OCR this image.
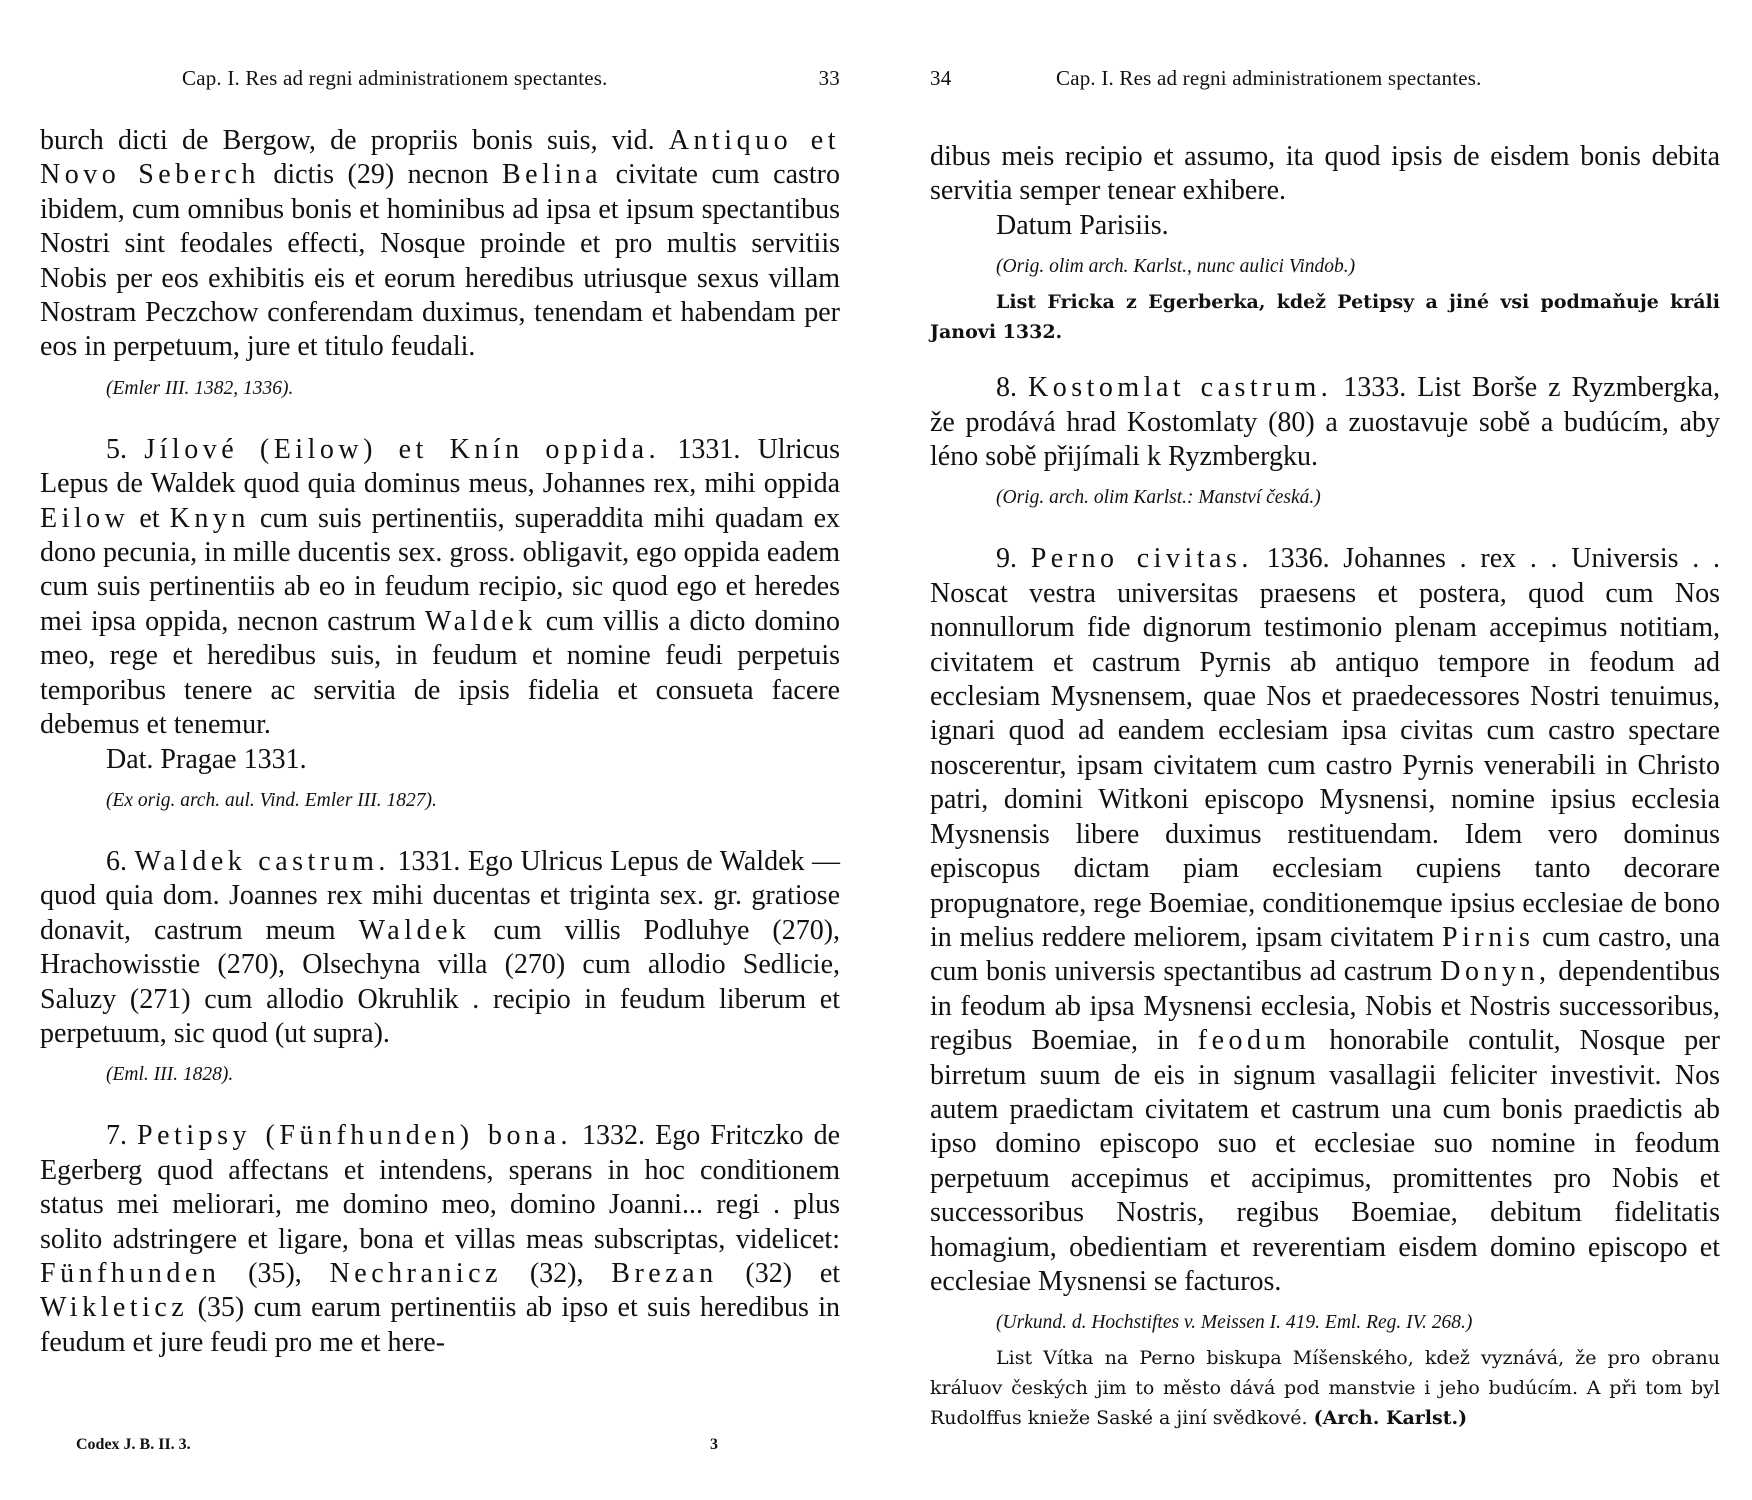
Cap. I. Res ad regni administrationem spectantes.	33

burch dicti de Bergow, de propriis bonis suis, vid. Antiquo et Novo Seberch dictis (29) necnon Belina civitate cum castro ibidem, cum omnibus bonis et hominibus ad ipsa et ipsum spectantibus Nostri sint feodales effecti, Nosque proinde et pro multis servitiis Nobis per eos exhibitis eis et eorum heredibus utriusque sexus villam Nostram Peczchow conferendam duximus, tenendam et habendam per eos in perpetuum, jure et titulo feudali.

(Emler III. 1382, 1336).

5. Jílové (Eilow) et Knín oppida. 1331. Ulricus Lepus de Waldek quod quia dominus meus, Johannes rex, mihi oppida Eilow et Knyn cum suis pertinentiis, superaddita mihi quadam ex dono pecunia, in mille ducentis sex. gross. obligavit, ego oppida eadem cum suis pertinentiis ab eo in feudum recipio, sic quod ego et heredes mei ipsa oppida, necnon castrum Waldek cum villis a dicto domino meo, rege et heredibus suis, in feudum et nomine feudi perpetuis temporibus tenere ac servitia de ipsis fidelia et consueta facere debemus et tenemur.

Dat. Pragae 1331.

(Ex orig. arch. aul. Vind. Emler III. 1827).

6. Waldek castrum. 1331. Ego Ulricus Lepus de Waldek — quod quia dom. Joannes rex mihi ducentas et triginta sex. gr. gratiose donavit, castrum meum Waldek cum villis Podluhye (270), Hrachowisstie (270), Olsechyna villa (270) cum allodio Sedlicie, Saluzy (271) cum allodio Okruhlik . recipio in feudum liberum et perpetuum, sic quod (ut supra).

(Eml. III. 1828).

7. Petipsy (Fünfhunden) bona. 1332. Ego Fritczko de Egerberg quod affectans et intendens, sperans in hoc conditionem status mei meliorari, me domino meo, domino Joanni... regi . plus solito adstringere et ligare, bona et villas meas subscriptas, videlicet: Fünfhunden (35), Nechranicz (32), Brezan (32) et Wikleticz (35) cum earum pertinentiis ab ipso et suis heredibus in feudum et jure feudi pro me et here-

Codex J. B. II. 3.	3
34	Cap. I. Res ad regni administrationem spectantes.

dibus meis recipio et assumo, ita quod ipsis de eisdem bonis debita servitia semper tenear exhibere.

Datum Parisiis.

(Orig. olim arch. Karlst., nunc aulici Vindob.)

List Fricka z Egerberka, kdež Petipsy a jiné vsi podmaňuje králi Janovi 1332.

8. Kostomlat castrum. 1333. List Borše z Ryzmbergka, že prodává hrad Kostomlaty (80) a zuostavuje sobě a budúcím, aby léno sobě přijímali k Ryzmbergku.

(Orig. arch. olim Karlst.: Manství česká.)

9. Perno civitas. 1336. Johannes . rex . . Universis . . Noscat vestra universitas praesens et postera, quod cum Nos nonnullorum fide dignorum testimonio plenam accepimus notitiam, civitatem et castrum Pyrnis ab antiquo tempore in feodum ad ecclesiam Mysnensem, quae Nos et praedecessores Nostri tenuimus, ignari quod ad eandem ecclesiam ipsa civitas cum castro spectare noscerentur, ipsam civitatem cum castro Pyrnis venerabili in Christo patri, domini Witkoni episcopo Mysnensi, nomine ipsius ecclesia Mysnensis libere duximus restituendam. Idem vero dominus episcopus dictam piam ecclesiam cupiens tanto decorare propugnatore, rege Boemiae, conditionemque ipsius ecclesiae de bono in melius reddere meliorem, ipsam civitatem Pirnis cum castro, una cum bonis universis spectantibus ad castrum Donyn, dependentibus in feodum ab ipsa Mysnensi ecclesia, Nobis et Nostris successoribus, regibus Boemiae, in feodum honorabile contulit, Nosque per birretum suum de eis in signum vasallagii feliciter investivit. Nos autem praedictam civitatem et castrum una cum bonis praedictis ab ipso domino episcopo suo et ecclesiae suo nomine in feodum perpetuum accepimus et accipimus, promittentes pro Nobis et successoribus Nostris, regibus Boemiae, debitum fidelitatis homagium, obedientiam et reverentiam eisdem domino episcopo et ecclesiae Mysnensi se facturos.

(Urkund. d. Hochstiftes v. Meissen I. 419. Eml. Reg. IV. 268.)

List Vítka na Perno biskupa Míšenského, kdež vyznává, že pro obranu králuov českých jim to město dává pod manstvie i jeho budúcím. A při tom byl Rudolffus knieže Saské a jiní svědkové. (Arch. Karlst.)
